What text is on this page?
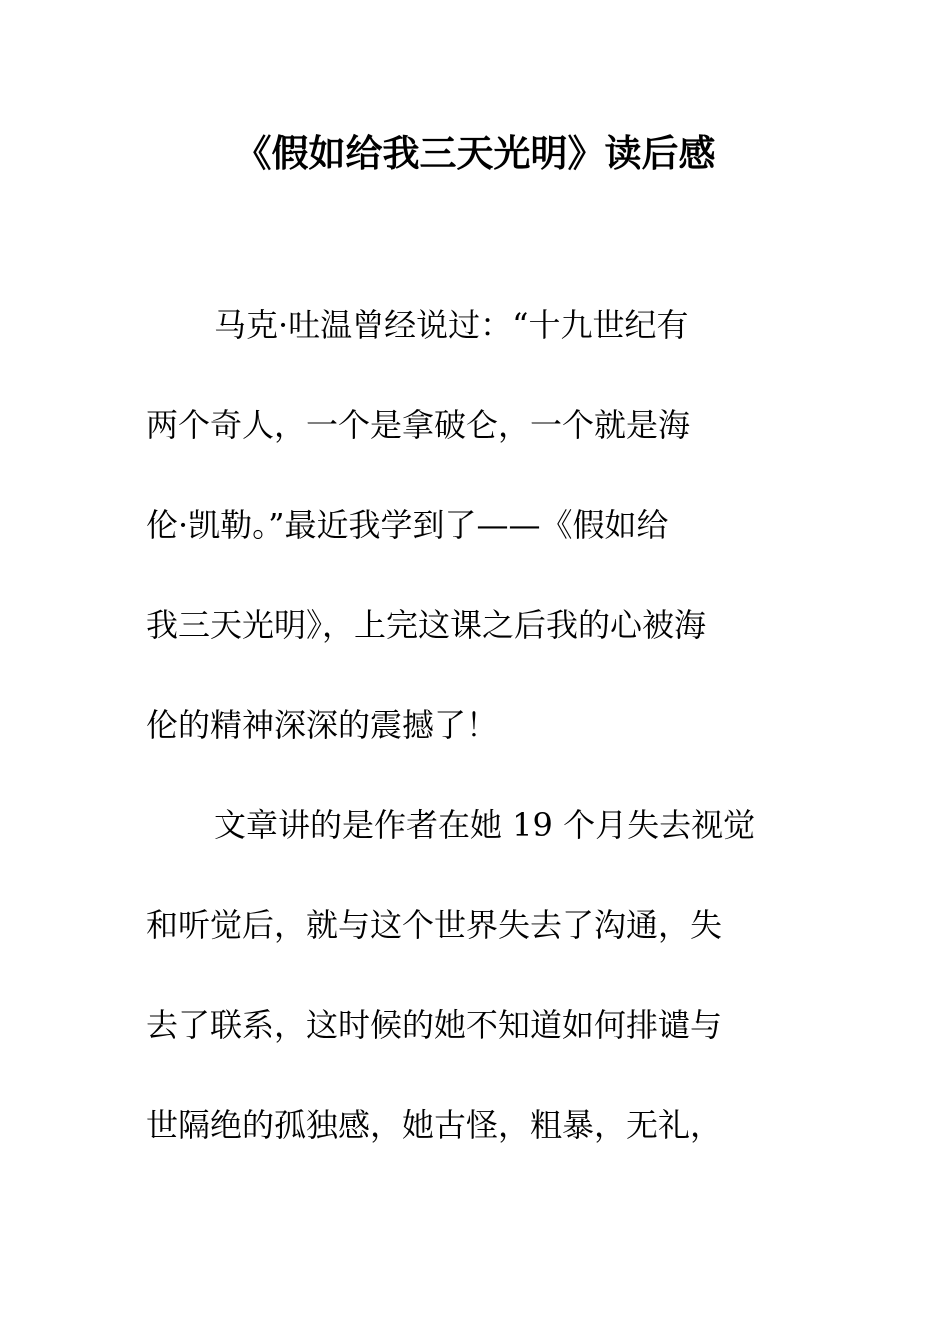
《假如给我三天光明》读后感

马克·吐温曾经说过：“十九世纪有

两个奇人，一个是拿破仑，一个就是海

伦·凯勒。”最近我学到了——《假如给

我三天光明》，上完这课之后我的心被海

伦的精神深深的震撼了！

文章讲的是作者在她 19 个月失去视觉

和听觉后，就与这个世界失去了沟通，失

去了联系，这时候的她不知道如何排谴与

世隔绝的孤独感，她古怪，粗暴，无礼，
